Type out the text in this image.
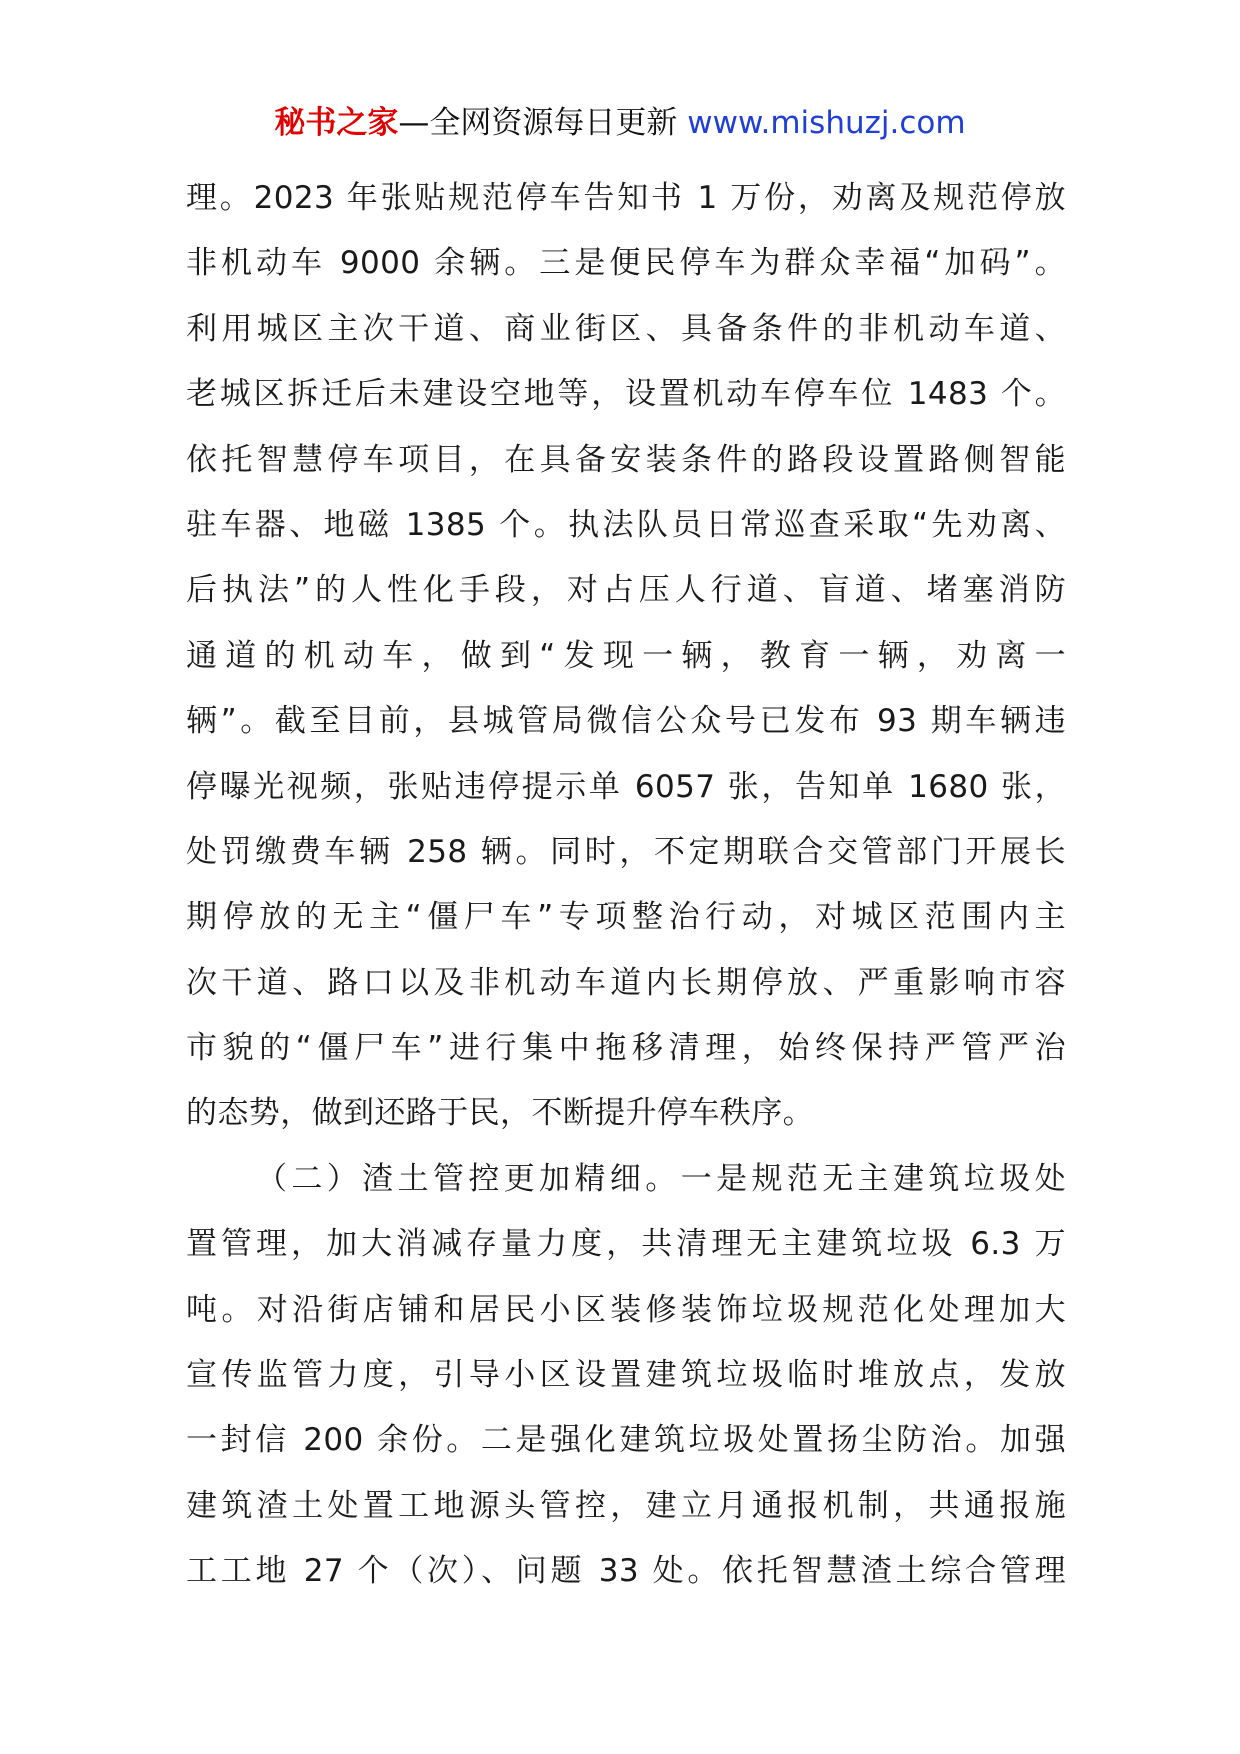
秘书之家—全网资源每日更新 www.mishuzj.com
理。2023 年张贴规范停车告知书 1 万份，劝离及规范停放
非机动车 9000 余辆。三是便民停车为群众幸福“加码”。
利用城区主次干道、商业街区、具备条件的非机动车道、
老城区拆迁后未建设空地等，设置机动车停车位 1483 个。
依托智慧停车项目，在具备安装条件的路段设置路侧智能
驻车器、地磁 1385 个。执法队员日常巡查采取“先劝离、
后执法”的人性化手段，对占压人行道、盲道、堵塞消防
通道的机动车，做到“发现一辆，教育一辆，劝离一
辆”。截至目前，县城管局微信公众号已发布 93 期车辆违
停曝光视频，张贴违停提示单 6057 张，告知单 1680 张，
处罚缴费车辆 258 辆。同时，不定期联合交管部门开展长
期停放的无主“僵尸车”专项整治行动，对城区范围内主
次干道、路口以及非机动车道内长期停放、严重影响市容
市貌的“僵尸车”进行集中拖移清理，始终保持严管严治
的态势，做到还路于民，不断提升停车秩序。
（二）渣土管控更加精细。一是规范无主建筑垃圾处
置管理，加大消减存量力度，共清理无主建筑垃圾 6.3 万
吨。对沿街店铺和居民小区装修装饰垃圾规范化处理加大
宣传监管力度，引导小区设置建筑垃圾临时堆放点，发放
一封信 200 余份。二是强化建筑垃圾处置扬尘防治。加强
建筑渣土处置工地源头管控，建立月通报机制，共通报施
工工地 27 个（次）、问题 33 处。依托智慧渣土综合管理
